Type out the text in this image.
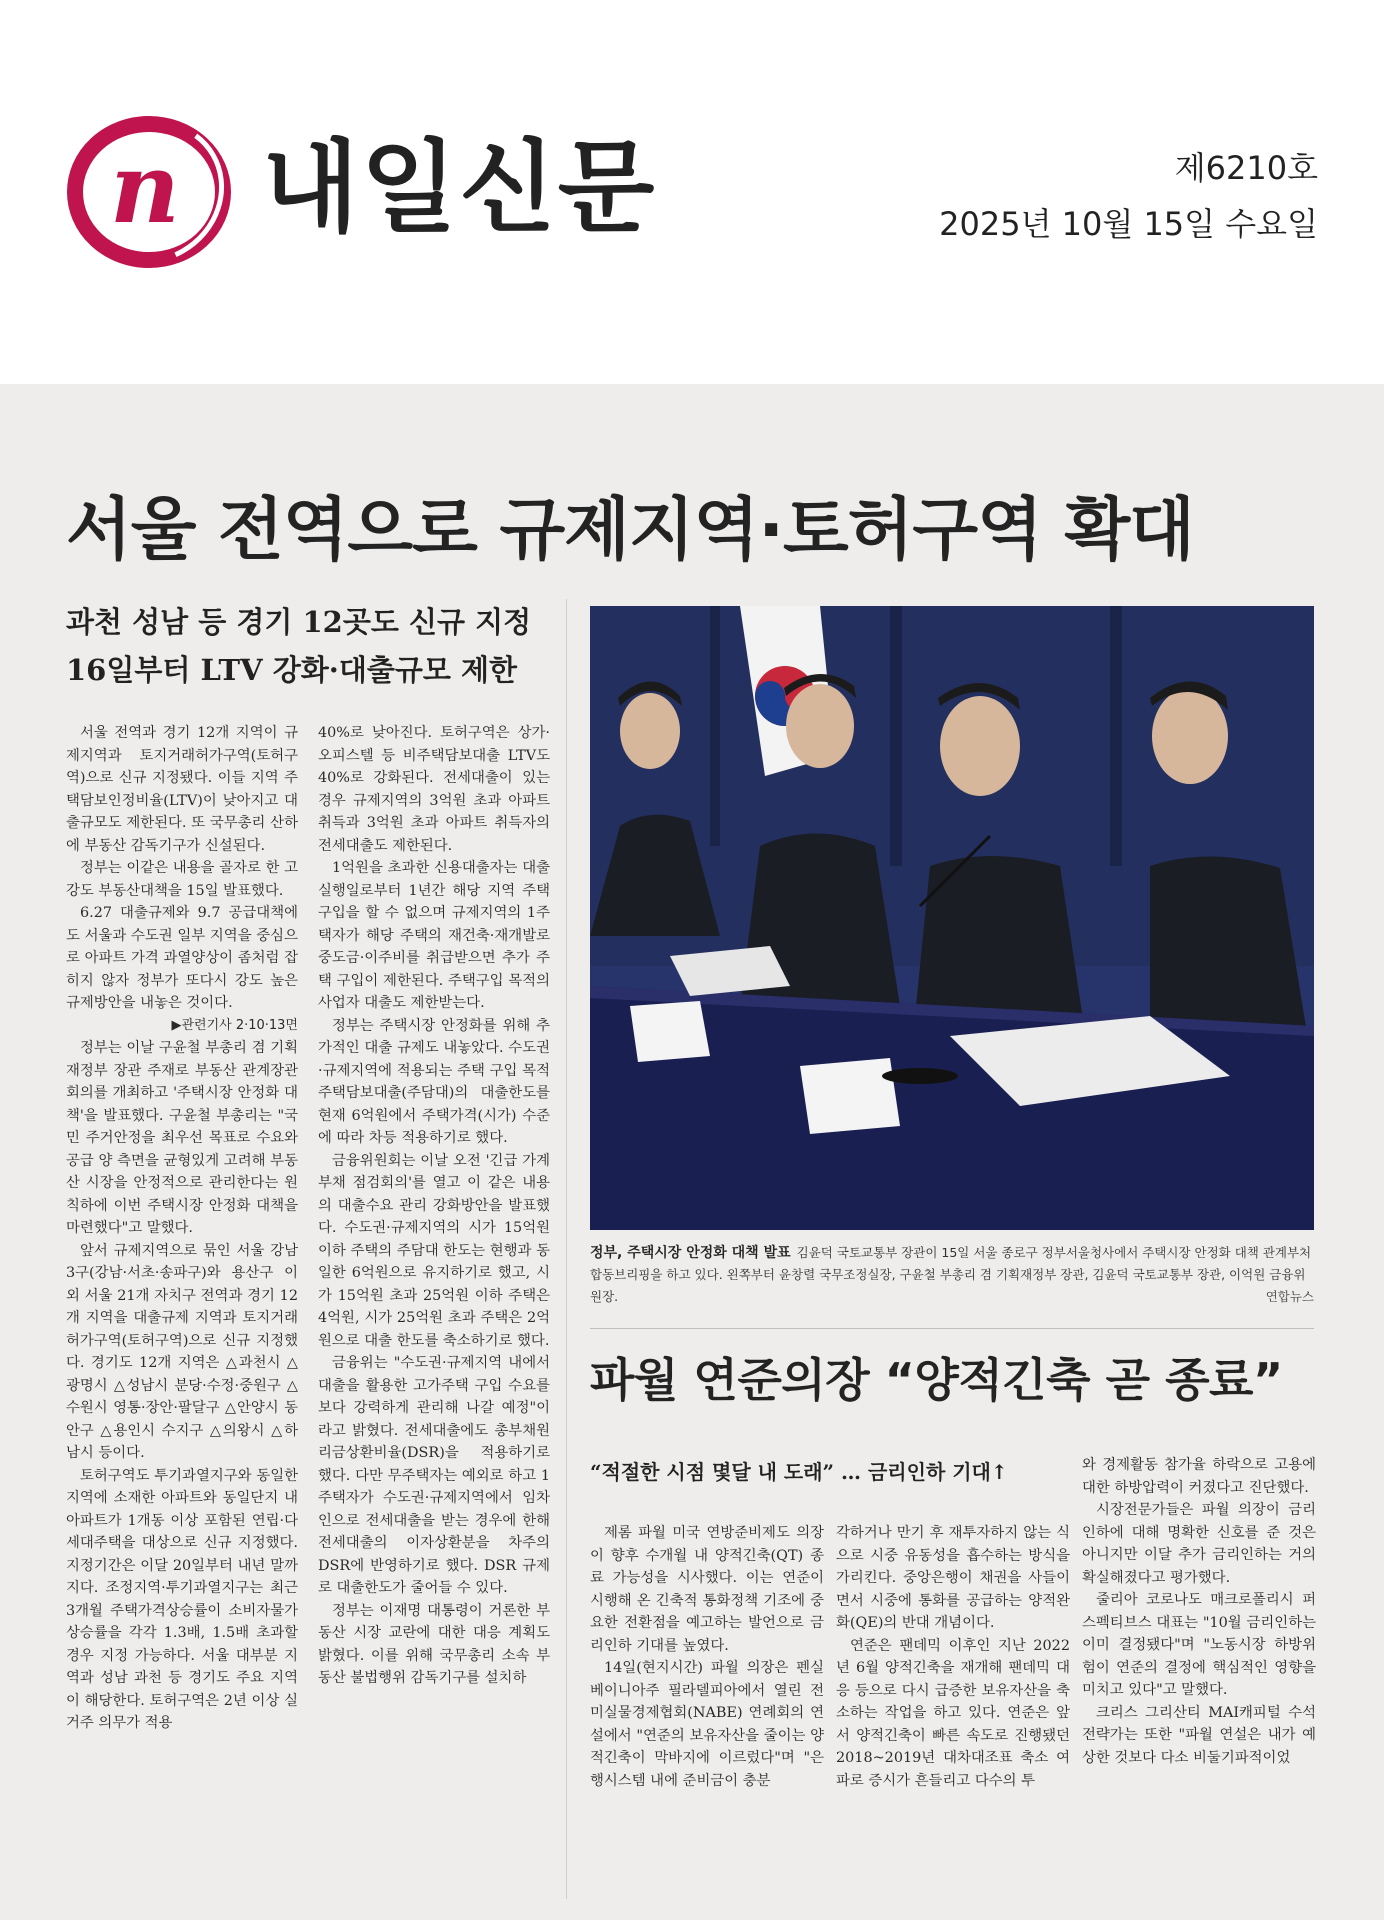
n 내일신문	제6210호
2025년 10월 15일 수요일
서울 전역으로 규제지역·토허구역 확대
과천 성남 등 경기 12곳도 신규 지정
16일부터 LTV 강화·대출규모 제한

서울 전역과 경기 12개 지역이 규제지역과 토지거래허가구역(토허구역)으로 신규 지정됐다. 이들 지역 주택담보인정비율(LTV)이 낮아지고 대출규모도 제한된다. 또 국무총리 산하에 부동산 감독기구가 신설된다.

정부는 이같은 내용을 골자로 한 고강도 부동산대책을 15일 발표했다.

6.27 대출규제와 9.7 공급대책에도 서울과 수도권 일부 지역을 중심으로 아파트 가격 과열양상이 좀처럼 잡히지 않자 정부가 또다시 강도 높은 규제방안을 내놓은 것이다.

▶관련기사 2·10·13면

정부는 이날 구윤철 부총리 겸 기획재정부 장관 주재로 부동산 관계장관회의를 개최하고 '주택시장 안정화 대책'을 발표했다. 구윤철 부총리는 "국민 주거안정을 최우선 목표로 수요와 공급 양 측면을 균형있게 고려해 부동산 시장을 안정적으로 관리한다는 원칙하에 이번 주택시장 안정화 대책을 마련했다"고 말했다.

앞서 규제지역으로 묶인 서울 강남3구(강남·서초·송파구)와 용산구 이외 서울 21개 자치구 전역과 경기 12개 지역을 대출규제 지역과 토지거래허가구역(토허구역)으로 신규 지정했다. 경기도 12개 지역은 △과천시 △광명시 △성남시 분당·수정·중원구 △수원시 영통·장안·팔달구 △안양시 동안구 △용인시 수지구 △의왕시 △하남시 등이다.

토허구역도 투기과열지구와 동일한 지역에 소재한 아파트와 동일단지 내 아파트가 1개동 이상 포함된 연립·다세대주택을 대상으로 신규 지정했다. 지정기간은 이달 20일부터 내년 말까지다. 조정지역·투기과열지구는 최근 3개월 주택가격상승률이 소비자물가상승률을 각각 1.3배, 1.5배 초과할 경우 지정 가능하다. 서울 대부분 지역과 성남 과천 등 경기도 주요 지역이 해당한다. 토허구역은 2년 이상 실거주 의무가 적용

40%로 낮아진다. 토허구역은 상가·오피스텔 등 비주택담보대출 LTV도 40%로 강화된다. 전세대출이 있는 경우 규제지역의 3억원 초과 아파트 취득과 3억원 초과 아파트 취득자의 전세대출도 제한된다.

1억원을 초과한 신용대출자는 대출실행일로부터 1년간 해당 지역 주택구입을 할 수 없으며 규제지역의 1주택자가 해당 주택의 재건축·재개발로 중도금·이주비를 취급받으면 추가 주택 구입이 제한된다. 주택구입 목적의 사업자 대출도 제한받는다.

정부는 주택시장 안정화를 위해 추가적인 대출 규제도 내놓았다. 수도권·규제지역에 적용되는 주택 구입 목적 주택담보대출(주담대)의 대출한도를 현재 6억원에서 주택가격(시가) 수준에 따라 차등 적용하기로 했다.

금융위원회는 이날 오전 '긴급 가계부채 점검회의'를 열고 이 같은 내용의 대출수요 관리 강화방안을 발표했다. 수도권·규제지역의 시가 15억원 이하 주택의 주담대 한도는 현행과 동일한 6억원으로 유지하기로 했고, 시가 15억원 초과 25억원 이하 주택은 4억원, 시가 25억원 초과 주택은 2억원으로 대출 한도를 축소하기로 했다.

금융위는 "수도권·규제지역 내에서 대출을 활용한 고가주택 구입 수요를 보다 강력하게 관리해 나갈 예정"이라고 밝혔다. 전세대출에도 총부채원리금상환비율(DSR)을 적용하기로 했다. 다만 무주택자는 예외로 하고 1주택자가 수도권·규제지역에서 임차인으로 전세대출을 받는 경우에 한해 전세대출의 이자상환분을 차주의 DSR에 반영하기로 했다. DSR 규제로 대출한도가 줄어들 수 있다.

정부는 이재명 대통령이 거론한 부동산 시장 교란에 대한 대응 계획도 밝혔다. 이를 위해 국무총리 소속 부동산 불법행위 감독기구를 설치하

정부, 주택시장 안정화 대책 발표 김윤덕 국토교통부 장관이 15일 서울 종로구 정부서울청사에서 주택시장 안정화 대책 관계부처 합동브리핑을 하고 있다. 왼쪽부터 윤창렬 국무조정실장, 구윤철 부총리 겸 기획재정부 장관, 김윤덕 국토교통부 장관, 이억원 금융위원장.	연합뉴스
파월 연준의장 “양적긴축 곧 종료”
“적절한 시점 몇달 내 도래” … 금리인하 기대↑

제롬 파월 미국 연방준비제도 의장이 향후 수개월 내 양적긴축(QT) 종료 가능성을 시사했다. 이는 연준이 시행해 온 긴축적 통화정책 기조에 중요한 전환점을 예고하는 발언으로 금리인하 기대를 높였다.

14일(현지시간) 파월 의장은 펜실베이니아주 필라델피아에서 열린 전미실물경제협회(NABE) 연례회의 연설에서 "연준의 보유자산을 줄이는 양적긴축이 막바지에 이르렀다"며 "은행시스템 내에 준비금이 충분

각하거나 만기 후 재투자하지 않는 식으로 시중 유동성을 흡수하는 방식을 가리킨다. 중앙은행이 채권을 사들이면서 시중에 통화를 공급하는 양적완화(QE)의 반대 개념이다.

연준은 팬데믹 이후인 지난 2022년 6월 양적긴축을 재개해 팬데믹 대응 등으로 다시 급증한 보유자산을 축소하는 작업을 하고 있다. 연준은 앞서 양적긴축이 빠른 속도로 진행됐던 2018~2019년 대차대조표 축소 여파로 증시가 흔들리고 다수의 투

와 경제활동 참가율 하락으로 고용에 대한 하방압력이 커졌다고 진단했다.

시장전문가들은 파월 의장이 금리인하에 대해 명확한 신호를 준 것은 아니지만 이달 추가 금리인하는 거의 확실해졌다고 평가했다.

줄리아 코로나도 매크로폴리시 퍼스펙티브스 대표는 "10월 금리인하는 이미 결정됐다"며 "노동시장 하방위험이 연준의 결정에 핵심적인 영향을 미치고 있다"고 말했다.

크리스 그리산티 MAI캐피털 수석전략가는 또한 "파월 연설은 내가 예상한 것보다 다소 비둘기파적이었
